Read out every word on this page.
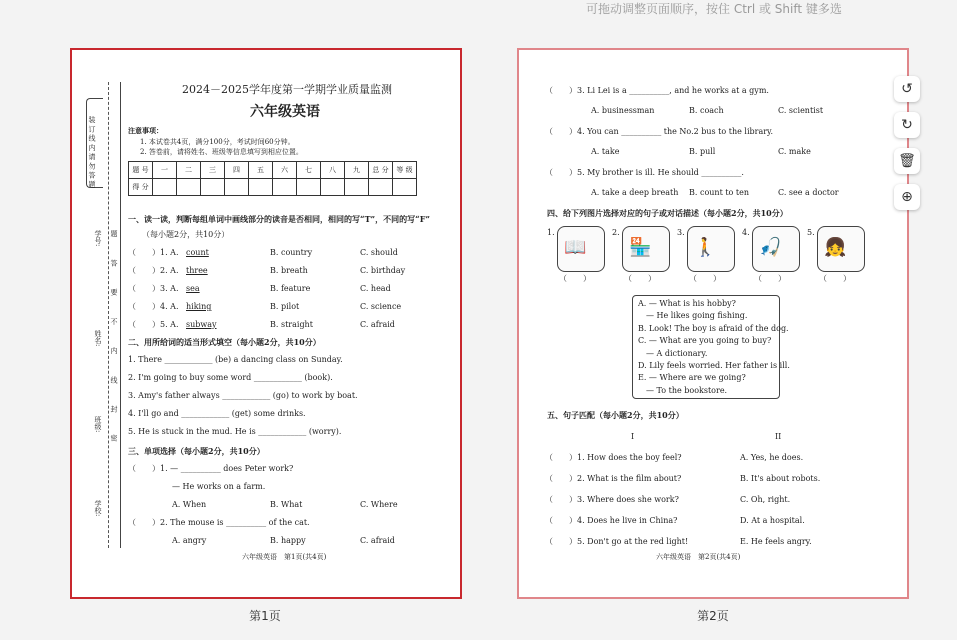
可拖动调整页面顺序，按住 Ctrl 或 Shift 键多选
装 订 线 内 请 勿 答 题
题 答 要 不 内 线 封 密
学号:
姓名:
班级:
学校:
2024－2025学年度第一学期学业质量监测
六年级英语
注意事项：
1. 本试卷共4页，满分100分，考试时间60分钟。
2. 答卷前，请将姓名、班级等信息填写到相应位置。
题 号	一	二	三	四	五	六	七	八	九	总 分	等 级
得 分											
一、读一读，判断每组单词中画线部分的读音是否相同，相同的写“T”，不同的写“F”
（每小题2分，共10分）
（　　）1. A. count	B. country	C. should
（　　）2. A. three	B. breath	C. birthday
（　　）3. A. sea	B. feature	C. head
（　　）4. A. hiking	B. pilot	C. science
（　　）5. A. subway	B. straight	C. afraid
二、用所给词的适当形式填空（每小题2分，共10分）
1. There ____________ (be) a dancing class on Sunday.
2. I'm going to buy some word ____________ (book).
3. Amy's father always ____________ (go) to work by boat.
4. I'll go and ____________ (get) some drinks.
5. He is stuck in the mud. He is ____________ (worry).
三、单项选择（每小题2分，共10分）
（　　）1. — __________ does Peter work?
— He works on a farm.
A. When	B. What	C. Where
（　　）2. The mouse is __________ of the cat.
A. angry	B. happy	C. afraid
六年级英语　第1页(共4页)
第1页
（　　）3. Li Lei is a __________, and he works at a gym.
A. businessman	B. coach	C. scientist
（　　）4. You can __________ the No.2 bus to the library.
A. take	B. pull	C. make
（　　）5. My brother is ill. He should __________.
A. take a deep breath B. count to ten	C. see a doctor
四、给下列图片选择对应的句子或对话描述（每小题2分，共10分）
1.
📖
（　　）
2.
🏪
（　　）
3.
🚶
（　　）
4.
🎣
（　　）
5.
👧
（　　）
A. — What is his hobby?
　— He likes going fishing.
B. Look! The boy is afraid of the dog.
C. — What are you going to buy?
　— A dictionary.
D. Lily feels worried. Her father is ill.
E. — Where are we going?
　— To the bookstore.
五、句子匹配（每小题2分，共10分）
I	II
（　　）1. How does the boy feel?	A. Yes, he does.
（　　）2. What is the film about?	B. It's about robots.
（　　）3. Where does she work?	C. Oh, right.
（　　）4. Does he live in China?	D. At a hospital.
（　　）5. Don't go at the red light!	E. He feels angry.
六年级英语　第2页(共4页)
第2页
↺
↻
🗑
⊕
